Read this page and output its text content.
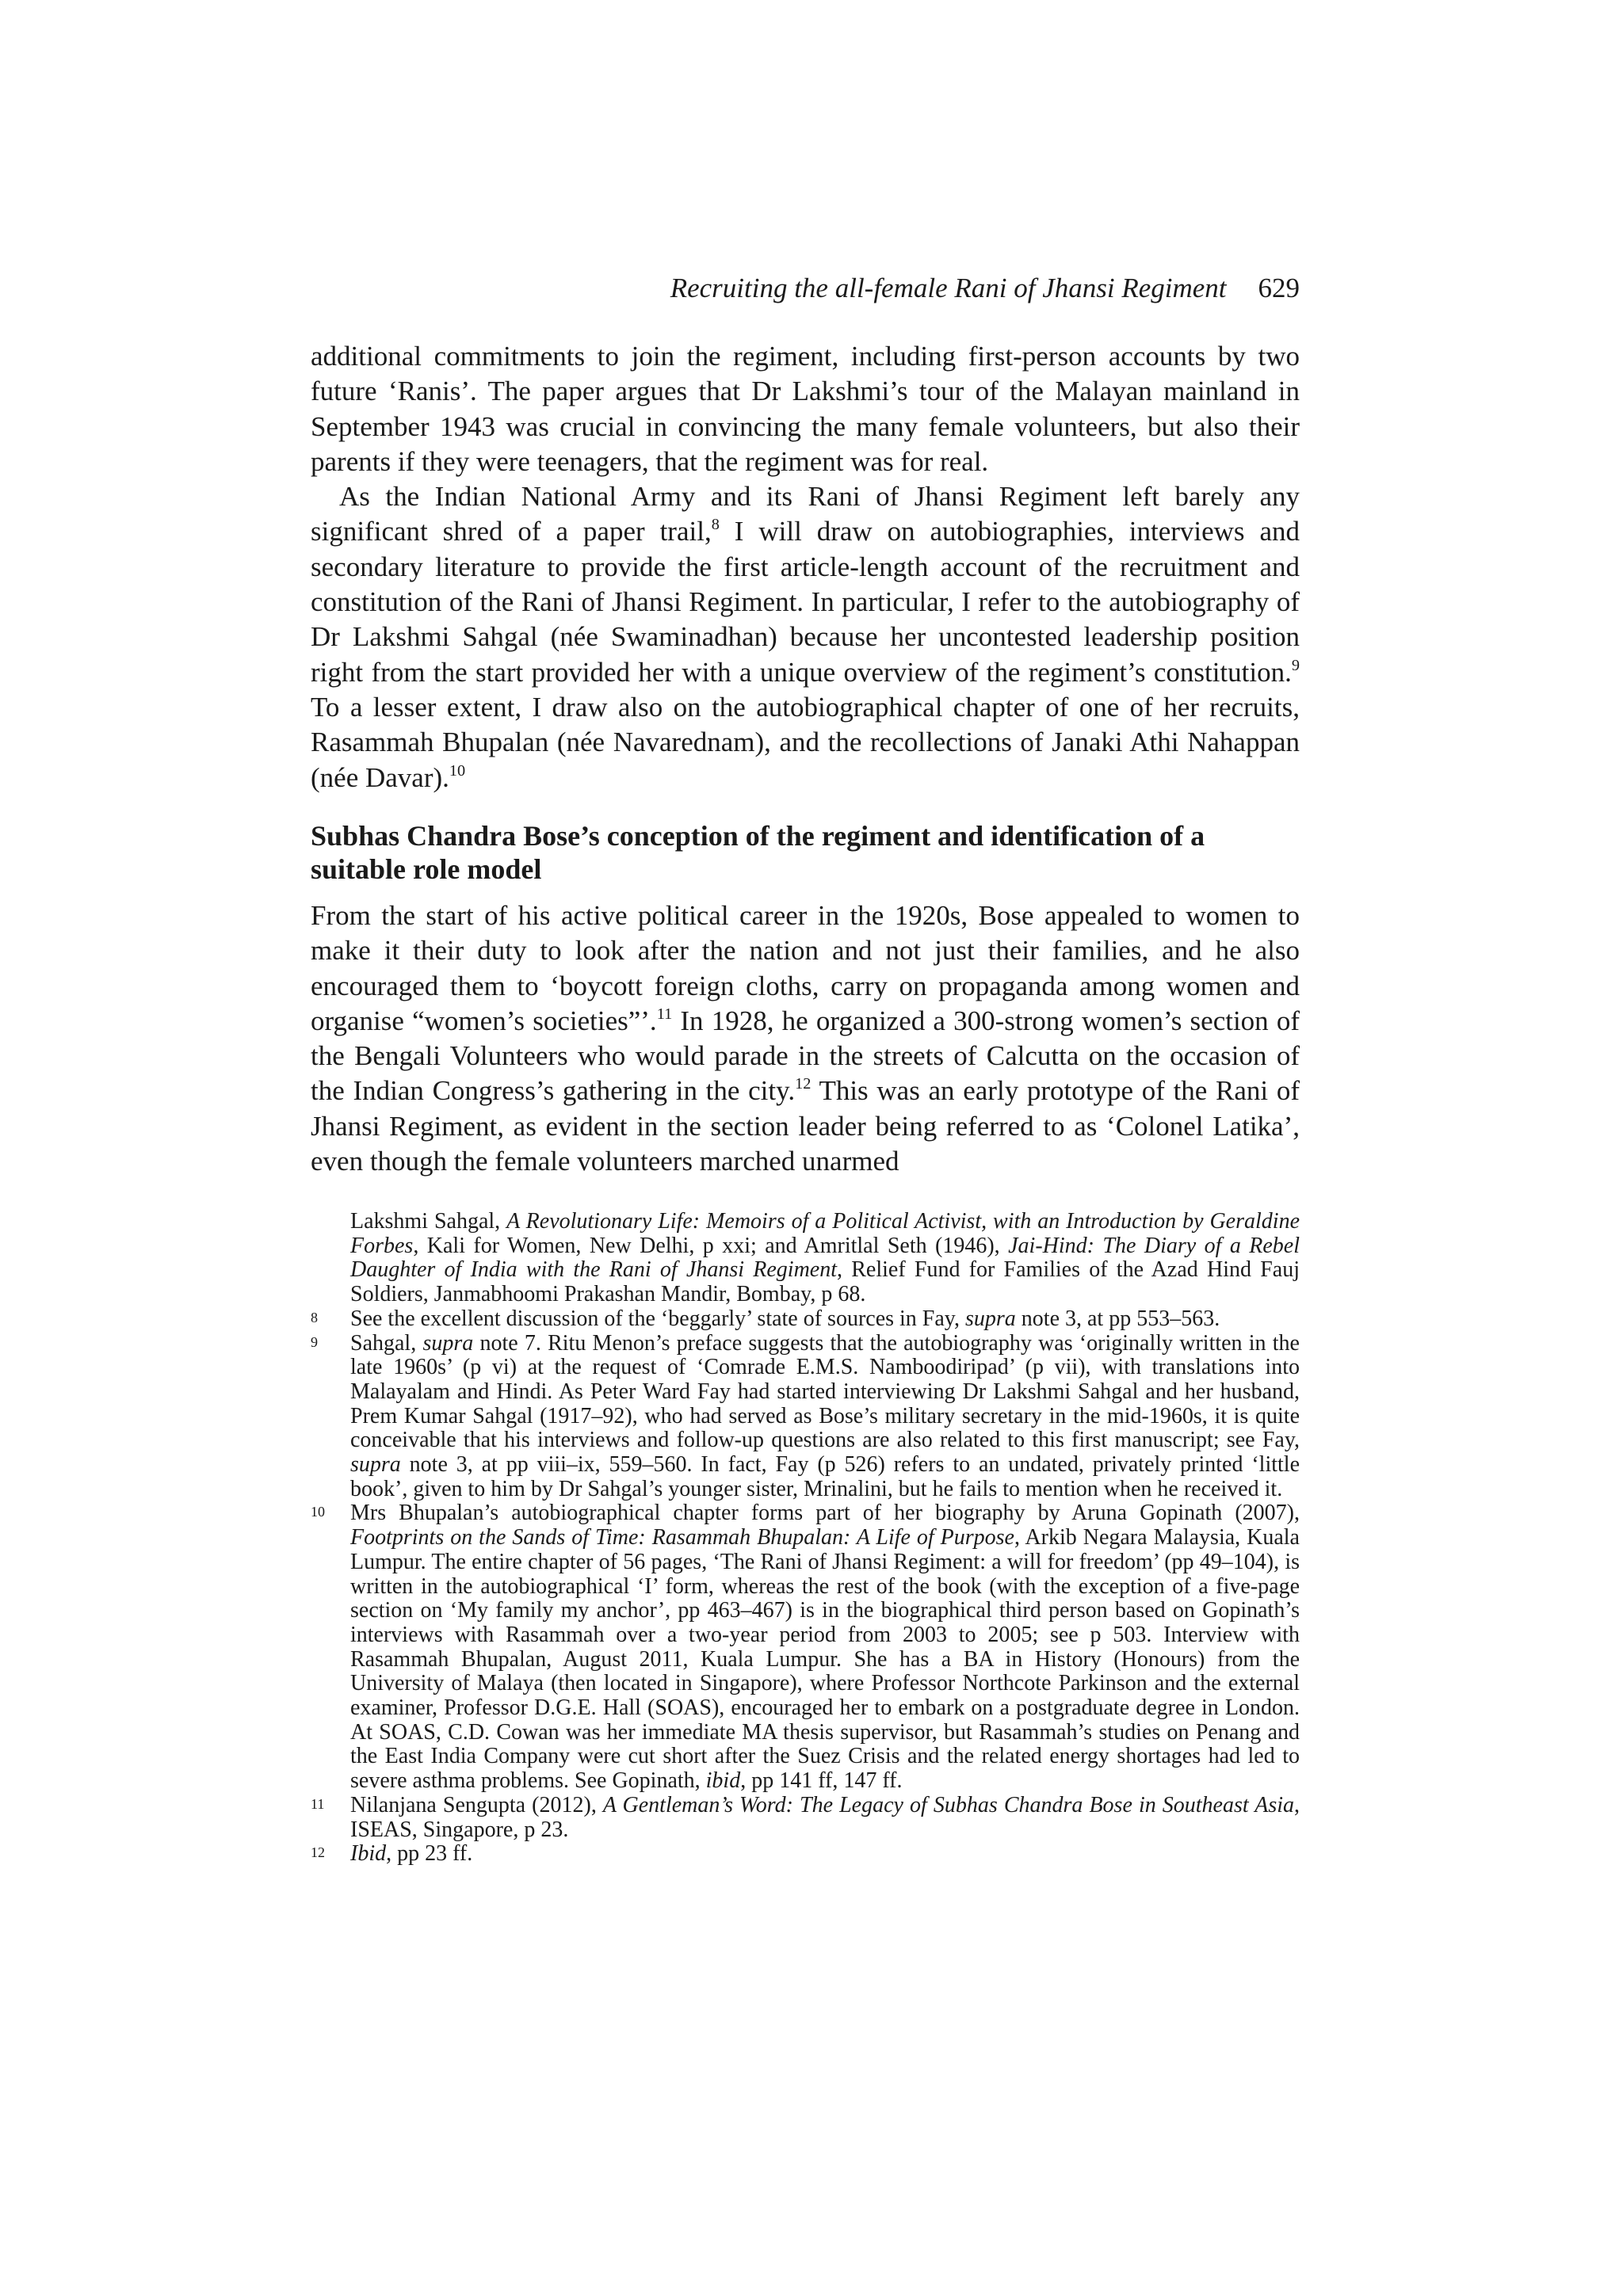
Recruiting the all-female Rani of Jhansi Regiment 629

additional commitments to join the regiment, including first-person accounts by two future ‘Ranis’. The paper argues that Dr Lakshmi’s tour of the Malayan mainland in September 1943 was crucial in convincing the many female volunteers, but also their parents if they were teenagers, that the regiment was for real.

As the Indian National Army and its Rani of Jhansi Regiment left barely any significant shred of a paper trail,$^8$ I will draw on autobiographies, interviews and secondary literature to provide the first article-length account of the recruitment and constitution of the Rani of Jhansi Regiment. In particular, I refer to the autobiography of Dr Lakshmi Sahgal (née Swaminadhan) because her uncontested leadership position right from the start provided her with a unique overview of the regiment’s constitution.$^9$ To a lesser extent, I draw also on the autobiographical chapter of one of her recruits, Rasammah Bhupalan (née Navarednam), and the recollections of Janaki Athi Nahappan (née Davar).$^{10}$

Subhas Chandra Bose’s conception of the regiment and identification of a suitable role model

From the start of his active political career in the 1920s, Bose appealed to women to make it their duty to look after the nation and not just their families, and he also encouraged them to ‘boycott foreign cloths, carry on propaganda among women and organise “women’s societies”’.$^{11}$ In 1928, he organized a 300-strong women’s section of the Bengali Volunteers who would parade in the streets of Calcutta on the occasion of the Indian Congress’s gathering in the city.$^{12}$ This was an early prototype of the Rani of Jhansi Regiment, as evident in the section leader being referred to as ‘Colonel Latika’, even though the female volunteers marched unarmed

Lakshmi Sahgal, A Revolutionary Life: Memoirs of a Political Activist, with an Introduction by Geraldine Forbes, Kali for Women, New Delhi, p xxi; and Amritlal Seth (1946), Jai-Hind: The Diary of a Rebel Daughter of India with the Rani of Jhansi Regiment, Relief Fund for Families of the Azad Hind Fauj Soldiers, Janmabhoomi Prakashan Mandir, Bombay, p 68.

8 See the excellent discussion of the ‘beggarly’ state of sources in Fay, supra note 3, at pp 553–563.

9 Sahgal, supra note 7. Ritu Menon’s preface suggests that the autobiography was ‘originally written in the late 1960s’ (p vi) at the request of ‘Comrade E.M.S. Namboodiripad’ (p vii), with translations into Malayalam and Hindi. As Peter Ward Fay had started interviewing Dr Lakshmi Sahgal and her husband, Prem Kumar Sahgal (1917–92), who had served as Bose’s military secretary in the mid-1960s, it is quite conceivable that his interviews and follow-up questions are also related to this first manuscript; see Fay, supra note 3, at pp viii–ix, 559–560. In fact, Fay (p 526) refers to an undated, privately printed ‘little book’, given to him by Dr Sahgal’s younger sister, Mrinalini, but he fails to mention when he received it.

10 Mrs Bhupalan’s autobiographical chapter forms part of her biography by Aruna Gopinath (2007), Footprints on the Sands of Time: Rasammah Bhupalan: A Life of Purpose, Arkib Negara Malaysia, Kuala Lumpur. The entire chapter of 56 pages, ‘The Rani of Jhansi Regiment: a will for freedom’ (pp 49–104), is written in the autobiographical ‘I’ form, whereas the rest of the book (with the exception of a five-page section on ‘My family my anchor’, pp 463–467) is in the biographical third person based on Gopinath’s interviews with Rasammah over a two-year period from 2003 to 2005; see p 503. Interview with Rasammah Bhupalan, August 2011, Kuala Lumpur. She has a BA in History (Honours) from the University of Malaya (then located in Singapore), where Professor Northcote Parkinson and the external examiner, Professor D.G.E. Hall (SOAS), encouraged her to embark on a postgraduate degree in London. At SOAS, C.D. Cowan was her immediate MA thesis supervisor, but Rasammah’s studies on Penang and the East India Company were cut short after the Suez Crisis and the related energy shortages had led to severe asthma problems. See Gopinath, ibid, pp 141 ff, 147 ff.

11 Nilanjana Sengupta (2012), A Gentleman’s Word: The Legacy of Subhas Chandra Bose in Southeast Asia, ISEAS, Singapore, p 23.

12 Ibid, pp 23 ff.
